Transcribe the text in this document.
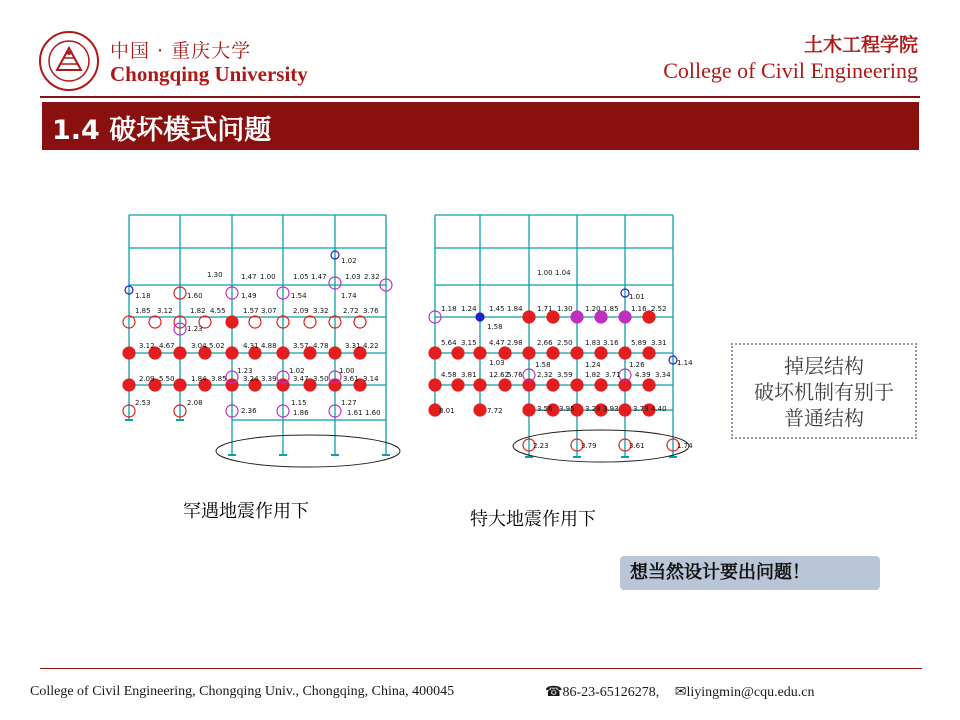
中国 · 重庆大学
Chongqing University
土木工程学院
College of Civil Engineering
1.4 破坏模式问题
1.18	1.60
1.30	1.47 1.00
1.49
1.05 1.47
1.54
1.02
1.03 2.32
1.74
1.85 3.12 1.82 4.55
1.23
1.57 3.07 2.09 3.32 2.72 3.76
3.12 4.67 3.04 5.02	4.31 4.88 3.57 4.78 3.31 4.22
1.23
2.09 5.50 1.84 3.85 3.24 3.39
1.02
3.47 3.50
1.00
3.61 3.14
2.53	2.08
2.36
1.15
1.86
1.27
1.61 1.60
1.00 1.04
1.01
1.18 1.24 1.45 1.84
1.58
1.71 1.30 1.20 1.85 1.16 2.52
5.64 3.15 4.47 2.98 2.66 2.50 1.83 3.16 5.89 3.31
1.26	1.14
4.58 3.81
1.03
12.62
5.76
1.58
2.32 3.59
1.24
1.82 3.71 4.39 3.34
8.01	7.72	3.56 3.95 3.28 3.93 3.73 4.40
2.23	3.79	3.61	1.74
罕遇地震作用下	特大地震作用下
掉层结构
破坏机制有别于
普通结构
想当然设计要出问题！
College of Civil Engineering, Chongqing Univ., Chongqing, China, 400045	☎86-23-65126278, ✉liyingmin@cqu.edu.cn
